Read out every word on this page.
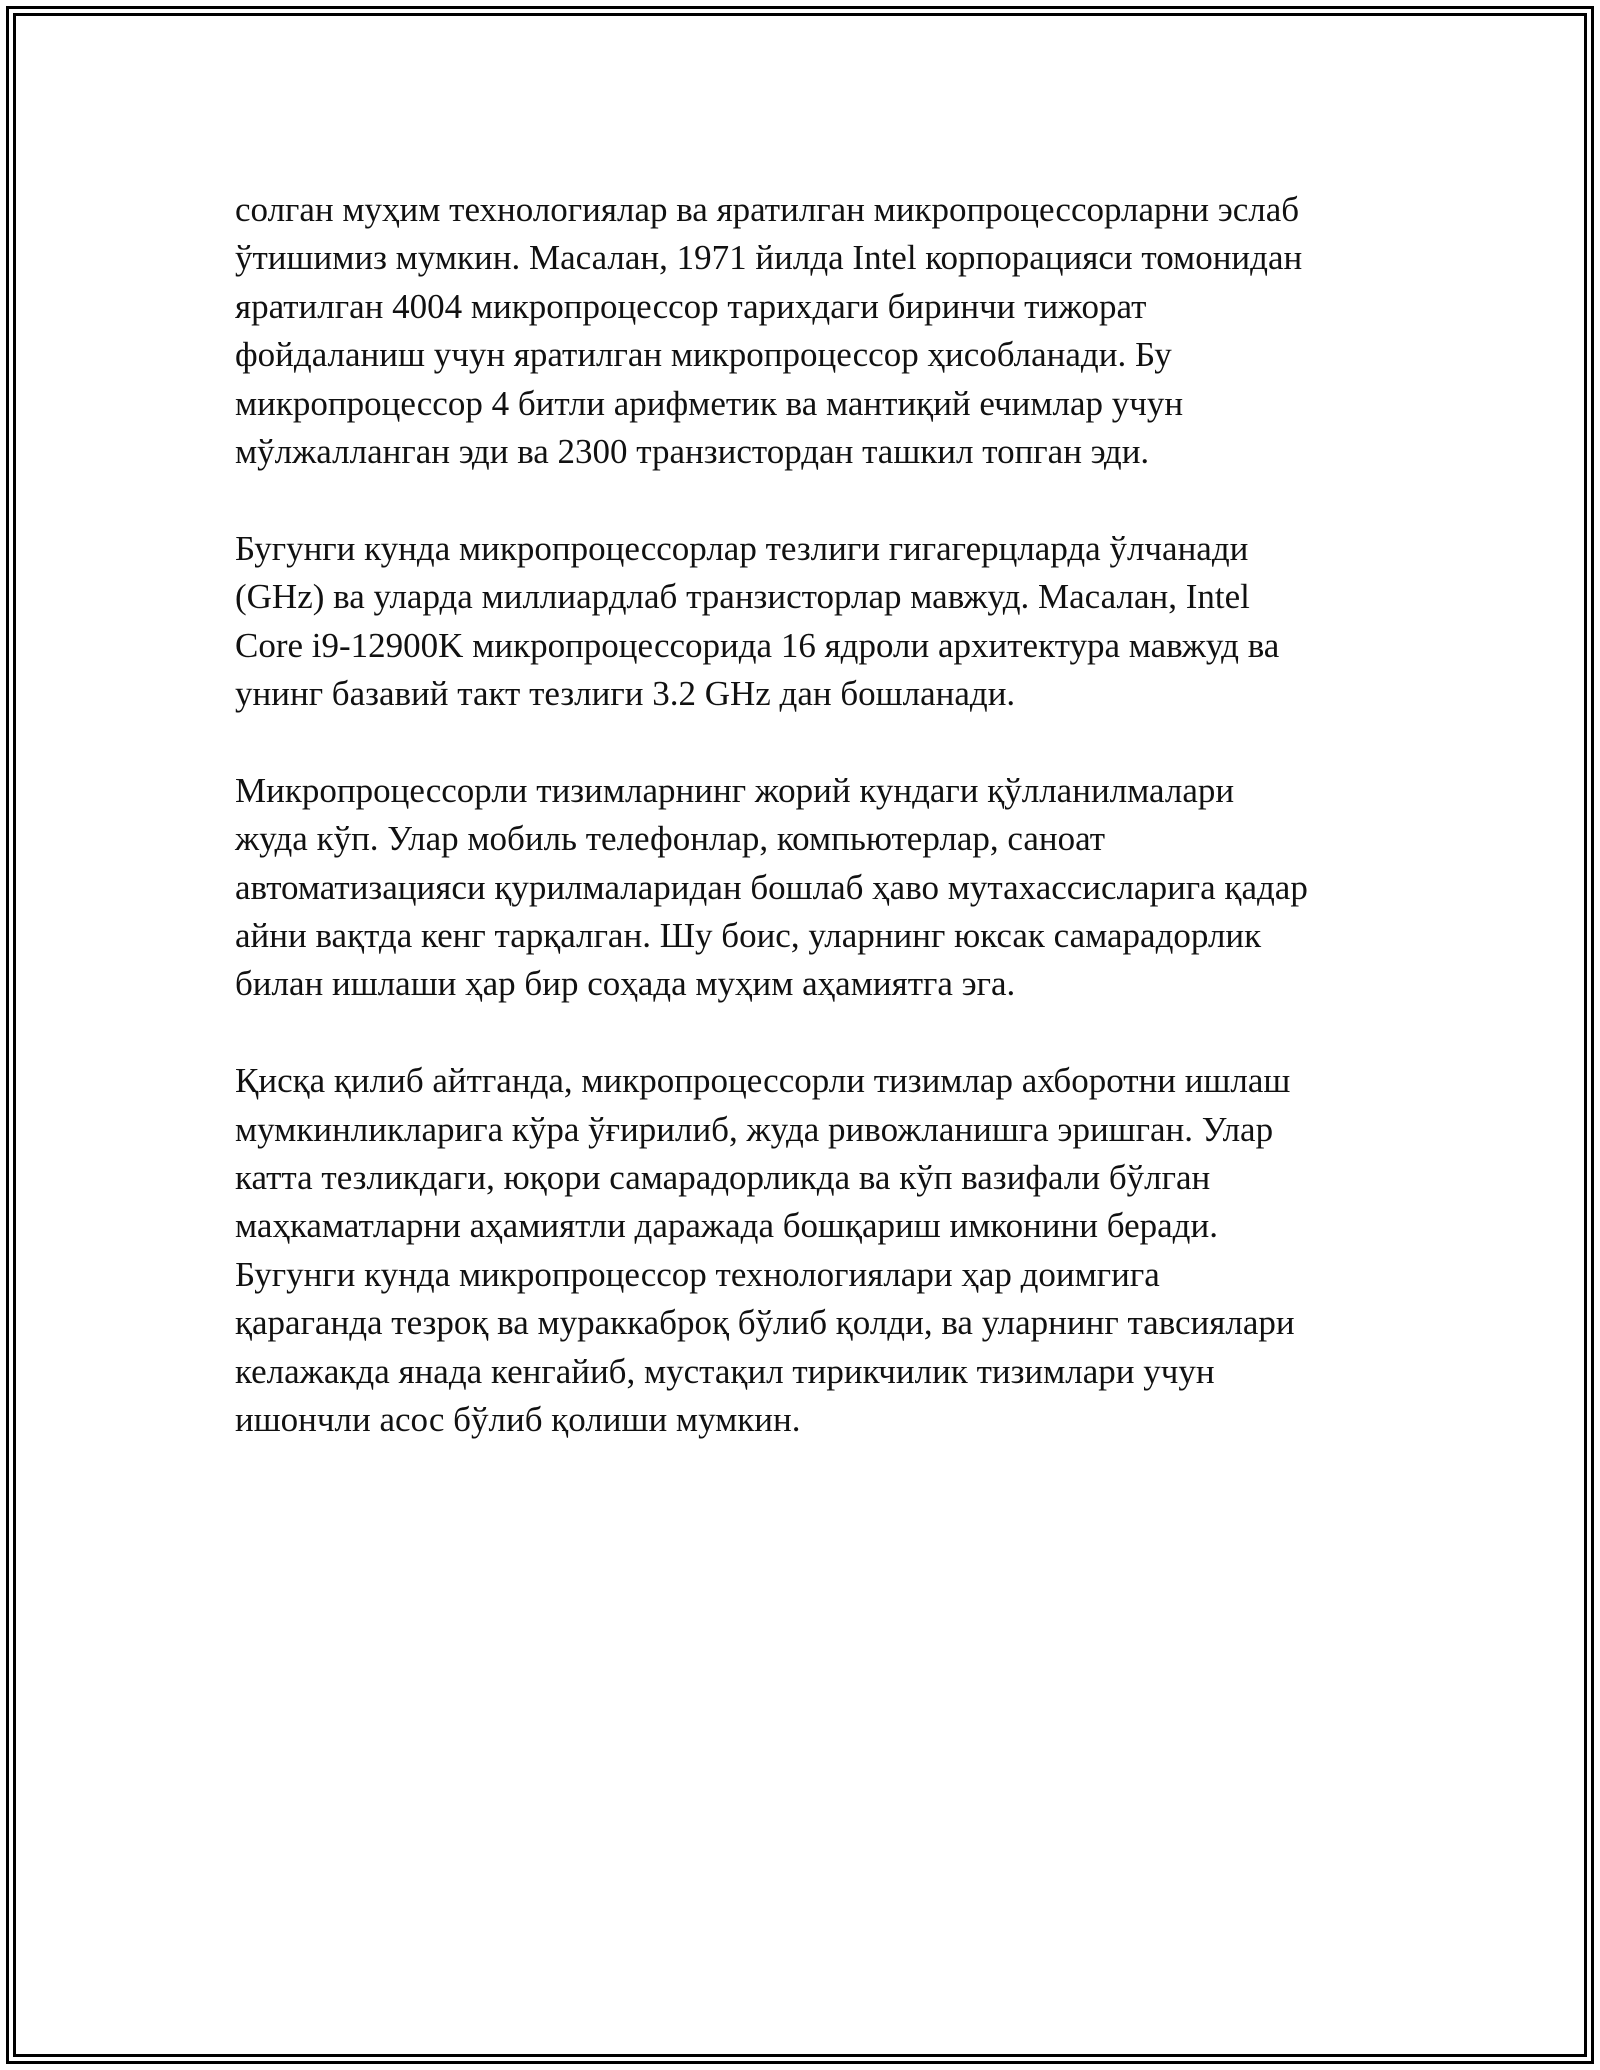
солган муҳим технологиялар ва яратилган микропроцессорларни эслаб
ўтишимиз мумкин. Масалан, 1971 йилда Intel корпорацияси томонидан
яратилган 4004 микропроцессор тарихдаги биринчи тижорат
фойдаланиш учун яратилган микропроцессор ҳисобланади. Бу
микропроцессор 4 битли арифметик ва мантиқий ечимлар учун
мўлжалланган эди ва 2300 транзистордан ташкил топган эди.

Бугунги кунда микропроцессорлар тезлиги гигагерцларда ўлчанади
(GHz) ва уларда миллиардлаб транзисторлар мавжуд. Масалан, Intel
Core i9-12900K микропроцессорида 16 ядроли архитектура мавжуд ва
унинг базавий такт тезлиги 3.2 GHz дан бошланади.

Микропроцессорли тизимларнинг жорий кундаги қўлланилмалари
жуда кўп. Улар мобиль телефонлар, компьютерлар, саноат
автоматизацияси қурилмаларидан бошлаб ҳаво мутахассисларига қадар
айни вақтда кенг тарқалган. Шу боис, уларнинг юксак самарадорлик
билан ишлаши ҳар бир соҳада муҳим аҳамиятга эга.

Қисқа қилиб айтганда, микропроцессорли тизимлар ахборотни ишлаш
мумкинликларига кўра ўғирилиб, жуда ривожланишга эришган. Улар
катта тезликдаги, юқори самарадорликда ва кўп вазифали бўлган
маҳкаматларни аҳамиятли даражада бошқариш имконини беради.
Бугунги кунда микропроцессор технологиялари ҳар доимгига
қараганда тезроқ ва мураккаброқ бўлиб қолди, ва уларнинг тавсиялари
келажакда янада кенгайиб, мустақил тирикчилик тизимлари учун
ишончли асос бўлиб қолиши мумкин.
